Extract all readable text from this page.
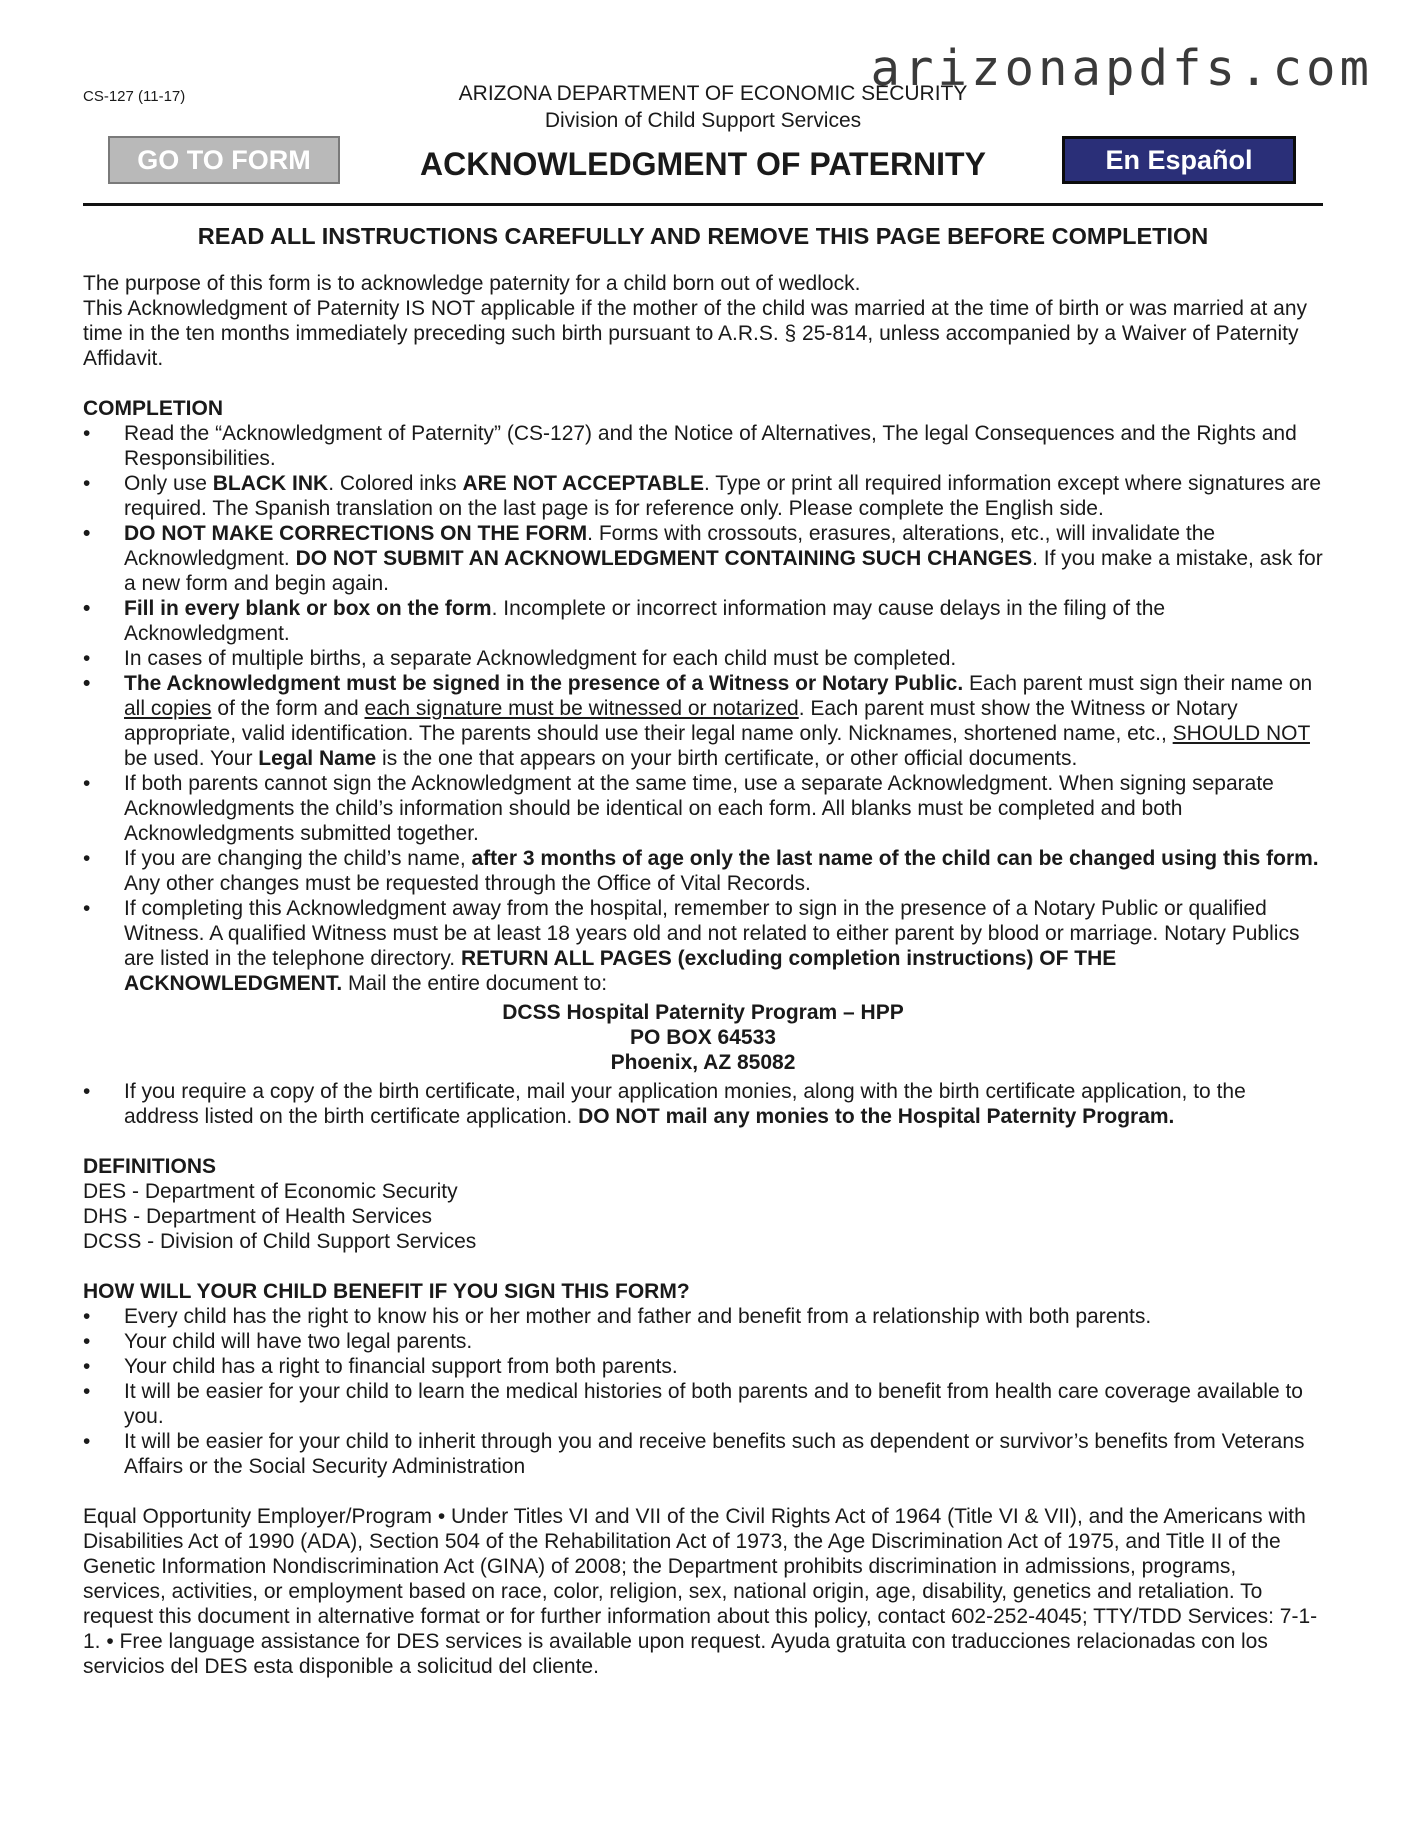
arizonapdfs.com
CS-127 (11-17)	ARIZONA DEPARTMENT OF ECONOMIC SECURITY
Division of Child Support Services
GO TO FORM	ACKNOWLEDGMENT OF PATERNITY	En Español
READ ALL INSTRUCTIONS CAREFULLY AND REMOVE THIS PAGE BEFORE COMPLETION

The purpose of this form is to acknowledge paternity for a child born out of wedlock.

This Acknowledgment of Paternity IS NOT applicable if the mother of the child was married at the time of birth or was married at any time in the ten months immediately preceding such birth pursuant to A.R.S. § 25-814, unless accompanied by a Waiver of Paternity Affidavit.

COMPLETION

• Read the “Acknowledgment of Paternity” (CS-127) and the Notice of Alternatives, The legal Consequences and the Rights and Responsibilities.
• Only use BLACK INK. Colored inks ARE NOT ACCEPTABLE. Type or print all required information except where signatures are required. The Spanish translation on the last page is for reference only. Please complete the English side.
• DO NOT MAKE CORRECTIONS ON THE FORM. Forms with crossouts, erasures, alterations, etc., will invalidate the Acknowledgment. DO NOT SUBMIT AN ACKNOWLEDGMENT CONTAINING SUCH CHANGES. If you make a mistake, ask for a new form and begin again.
• Fill in every blank or box on the form. Incomplete or incorrect information may cause delays in the filing of the Acknowledgment.
• In cases of multiple births, a separate Acknowledgment for each child must be completed.
• The Acknowledgment must be signed in the presence of a Witness or Notary Public. Each parent must sign their name on all copies of the form and each signature must be witnessed or notarized. Each parent must show the Witness or Notary appropriate, valid identification. The parents should use their legal name only. Nicknames, shortened name, etc., SHOULD NOT be used. Your Legal Name is the one that appears on your birth certificate, or other official documents.
• If both parents cannot sign the Acknowledgment at the same time, use a separate Acknowledgment. When signing separate Acknowledgments the child’s information should be identical on each form. All blanks must be completed and both Acknowledgments submitted together.
• If you are changing the child’s name, after 3 months of age only the last name of the child can be changed using this form. Any other changes must be requested through the Office of Vital Records.
• If completing this Acknowledgment away from the hospital, remember to sign in the presence of a Notary Public or qualified Witness. A qualified Witness must be at least 18 years old and not related to either parent by blood or marriage. Notary Publics are listed in the telephone directory. RETURN ALL PAGES (excluding completion instructions) OF THE ACKNOWLEDGMENT. Mail the entire document to:
DCSS Hospital Paternity Program – HPP
PO BOX 64533
Phoenix, AZ 85082
• If you require a copy of the birth certificate, mail your application monies, along with the birth certificate application, to the address listed on the birth certificate application. DO NOT mail any monies to the Hospital Paternity Program.

DEFINITIONS

DES - Department of Economic Security

DHS - Department of Health Services

DCSS - Division of Child Support Services

HOW WILL YOUR CHILD BENEFIT IF YOU SIGN THIS FORM?

• Every child has the right to know his or her mother and father and benefit from a relationship with both parents.
• Your child will have two legal parents.
• Your child has a right to financial support from both parents.
• It will be easier for your child to learn the medical histories of both parents and to benefit from health care coverage available to you.
• It will be easier for your child to inherit through you and receive benefits such as dependent or survivor’s benefits from Veterans Affairs or the Social Security Administration

Equal Opportunity Employer/Program • Under Titles VI and VII of the Civil Rights Act of 1964 (Title VI & VII), and the Americans with Disabilities Act of 1990 (ADA), Section 504 of the Rehabilitation Act of 1973, the Age Discrimination Act of 1975, and Title II of the Genetic Information Nondiscrimination Act (GINA) of 2008; the Department prohibits discrimination in admissions, programs, services, activities, or employment based on race, color, religion, sex, national origin, age, disability, genetics and retaliation. To request this document in alternative format or for further information about this policy, contact 602-252-4045; TTY/TDD Services: 7-1-1. • Free language assistance for DES services is available upon request. Ayuda gratuita con traducciones relacionadas con los servicios del DES esta disponible a solicitud del cliente.
